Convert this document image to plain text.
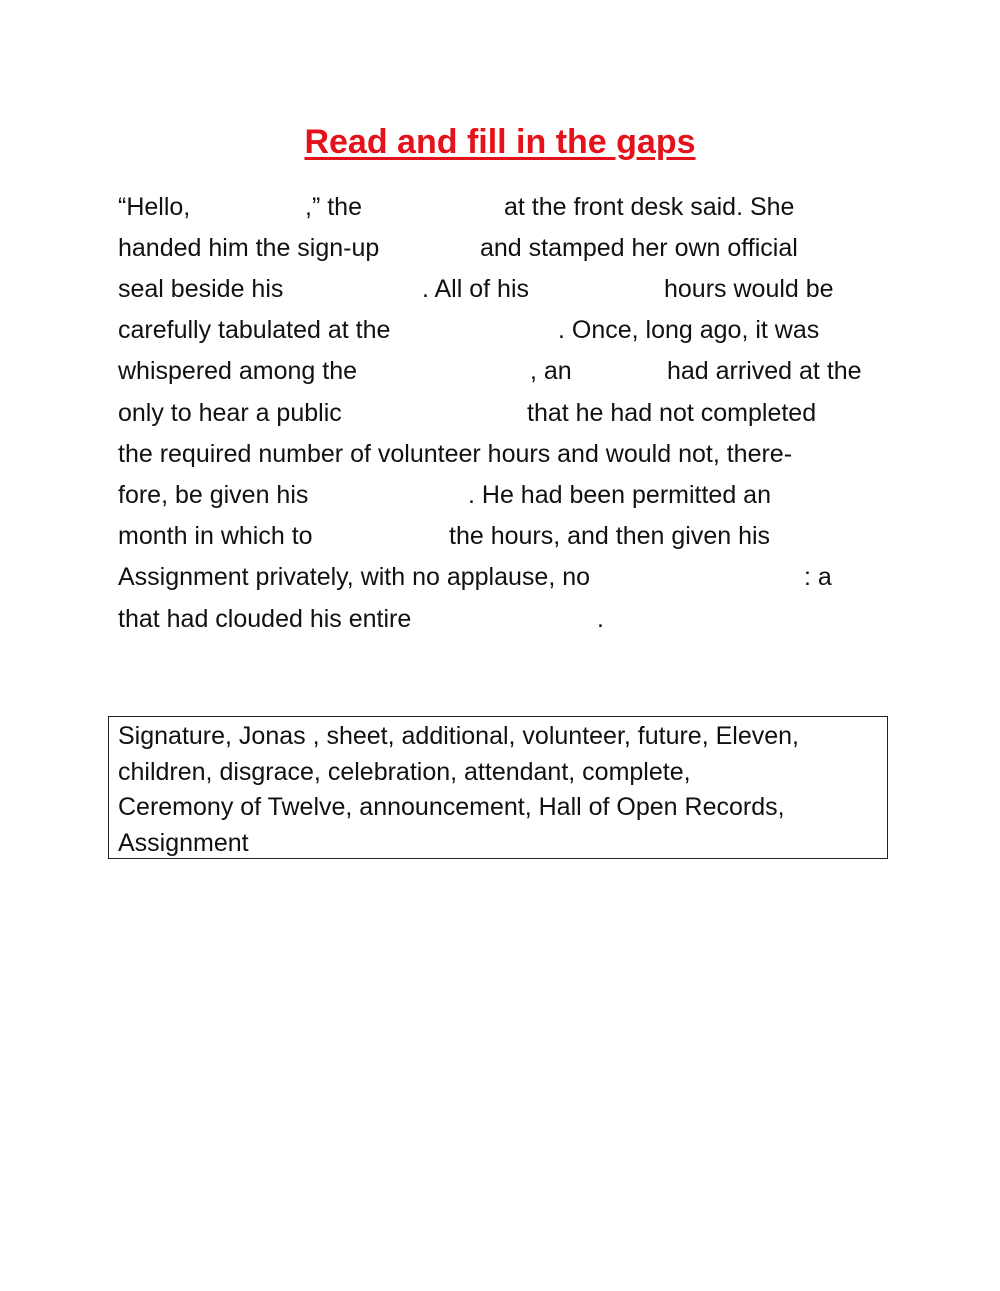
Read and fill in the gaps
“Hello,	,” the	at the front desk said. She
handed him the sign-up	and stamped her own official
seal beside his	. All of his	hours would be
carefully tabulated at the	. Once, long ago, it was
whispered among the	, an	had arrived at the
only to hear a public	that he had not completed
the required number of volunteer hours and would not, there-
fore, be given his	. He had been permitted an
month in which to	the hours, and then given his
Assignment privately, with no applause, no	: a
that had clouded his entire	.
Signature, Jonas , sheet, additional, volunteer, future, Eleven,
children, disgrace, celebration, attendant, complete,
Ceremony of Twelve, announcement, Hall of Open Records,
Assignment
